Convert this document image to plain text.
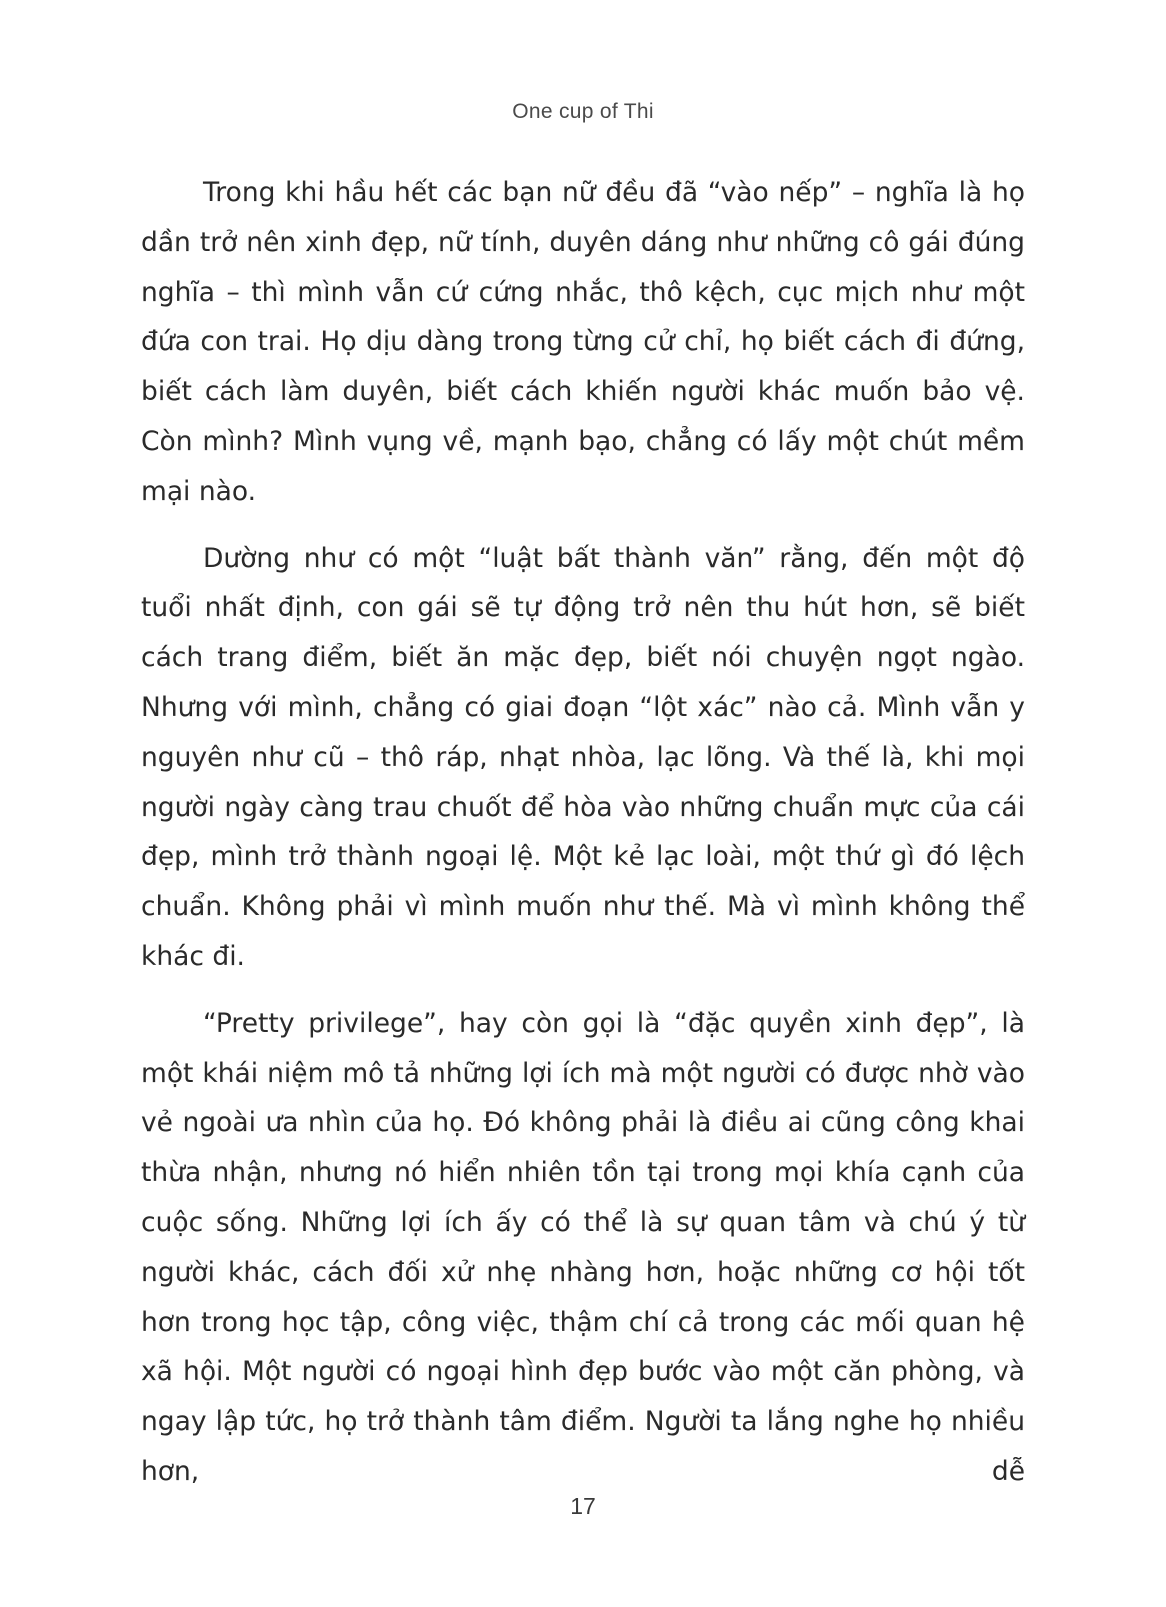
One cup of Thi

Trong khi hầu hết các bạn nữ đều đã “vào nếp” – nghĩa là họ dần trở nên xinh đẹp, nữ tính, duyên dáng như những cô gái đúng nghĩa – thì mình vẫn cứ cứng nhắc, thô kệch, cục mịch như một đứa con trai. Họ dịu dàng trong từng cử chỉ, họ biết cách đi đứng, biết cách làm duyên, biết cách khiến người khác muốn bảo vệ. Còn mình? Mình vụng về, mạnh bạo, chẳng có lấy một chút mềm mại nào.

Dường như có một “luật bất thành văn” rằng, đến một độ tuổi nhất định, con gái sẽ tự động trở nên thu hút hơn, sẽ biết cách trang điểm, biết ăn mặc đẹp, biết nói chuyện ngọt ngào. Nhưng với mình, chẳng có giai đoạn “lột xác” nào cả. Mình vẫn y nguyên như cũ – thô ráp, nhạt nhòa, lạc lõng. Và thế là, khi mọi người ngày càng trau chuốt để hòa vào những chuẩn mực của cái đẹp, mình trở thành ngoại lệ. Một kẻ lạc loài, một thứ gì đó lệch chuẩn. Không phải vì mình muốn như thế. Mà vì mình không thể khác đi.

“Pretty privilege”, hay còn gọi là “đặc quyền xinh đẹp”, là một khái niệm mô tả những lợi ích mà một người có được nhờ vào vẻ ngoài ưa nhìn của họ. Đó không phải là điều ai cũng công khai thừa nhận, nhưng nó hiển nhiên tồn tại trong mọi khía cạnh của cuộc sống. Những lợi ích ấy có thể là sự quan tâm và chú ý từ người khác, cách đối xử nhẹ nhàng hơn, hoặc những cơ hội tốt hơn trong học tập, công việc, thậm chí cả trong các mối quan hệ xã hội. Một người có ngoại hình đẹp bước vào một căn phòng, và ngay lập tức, họ trở thành tâm điểm. Người ta lắng nghe họ nhiều hơn, dễ

17
